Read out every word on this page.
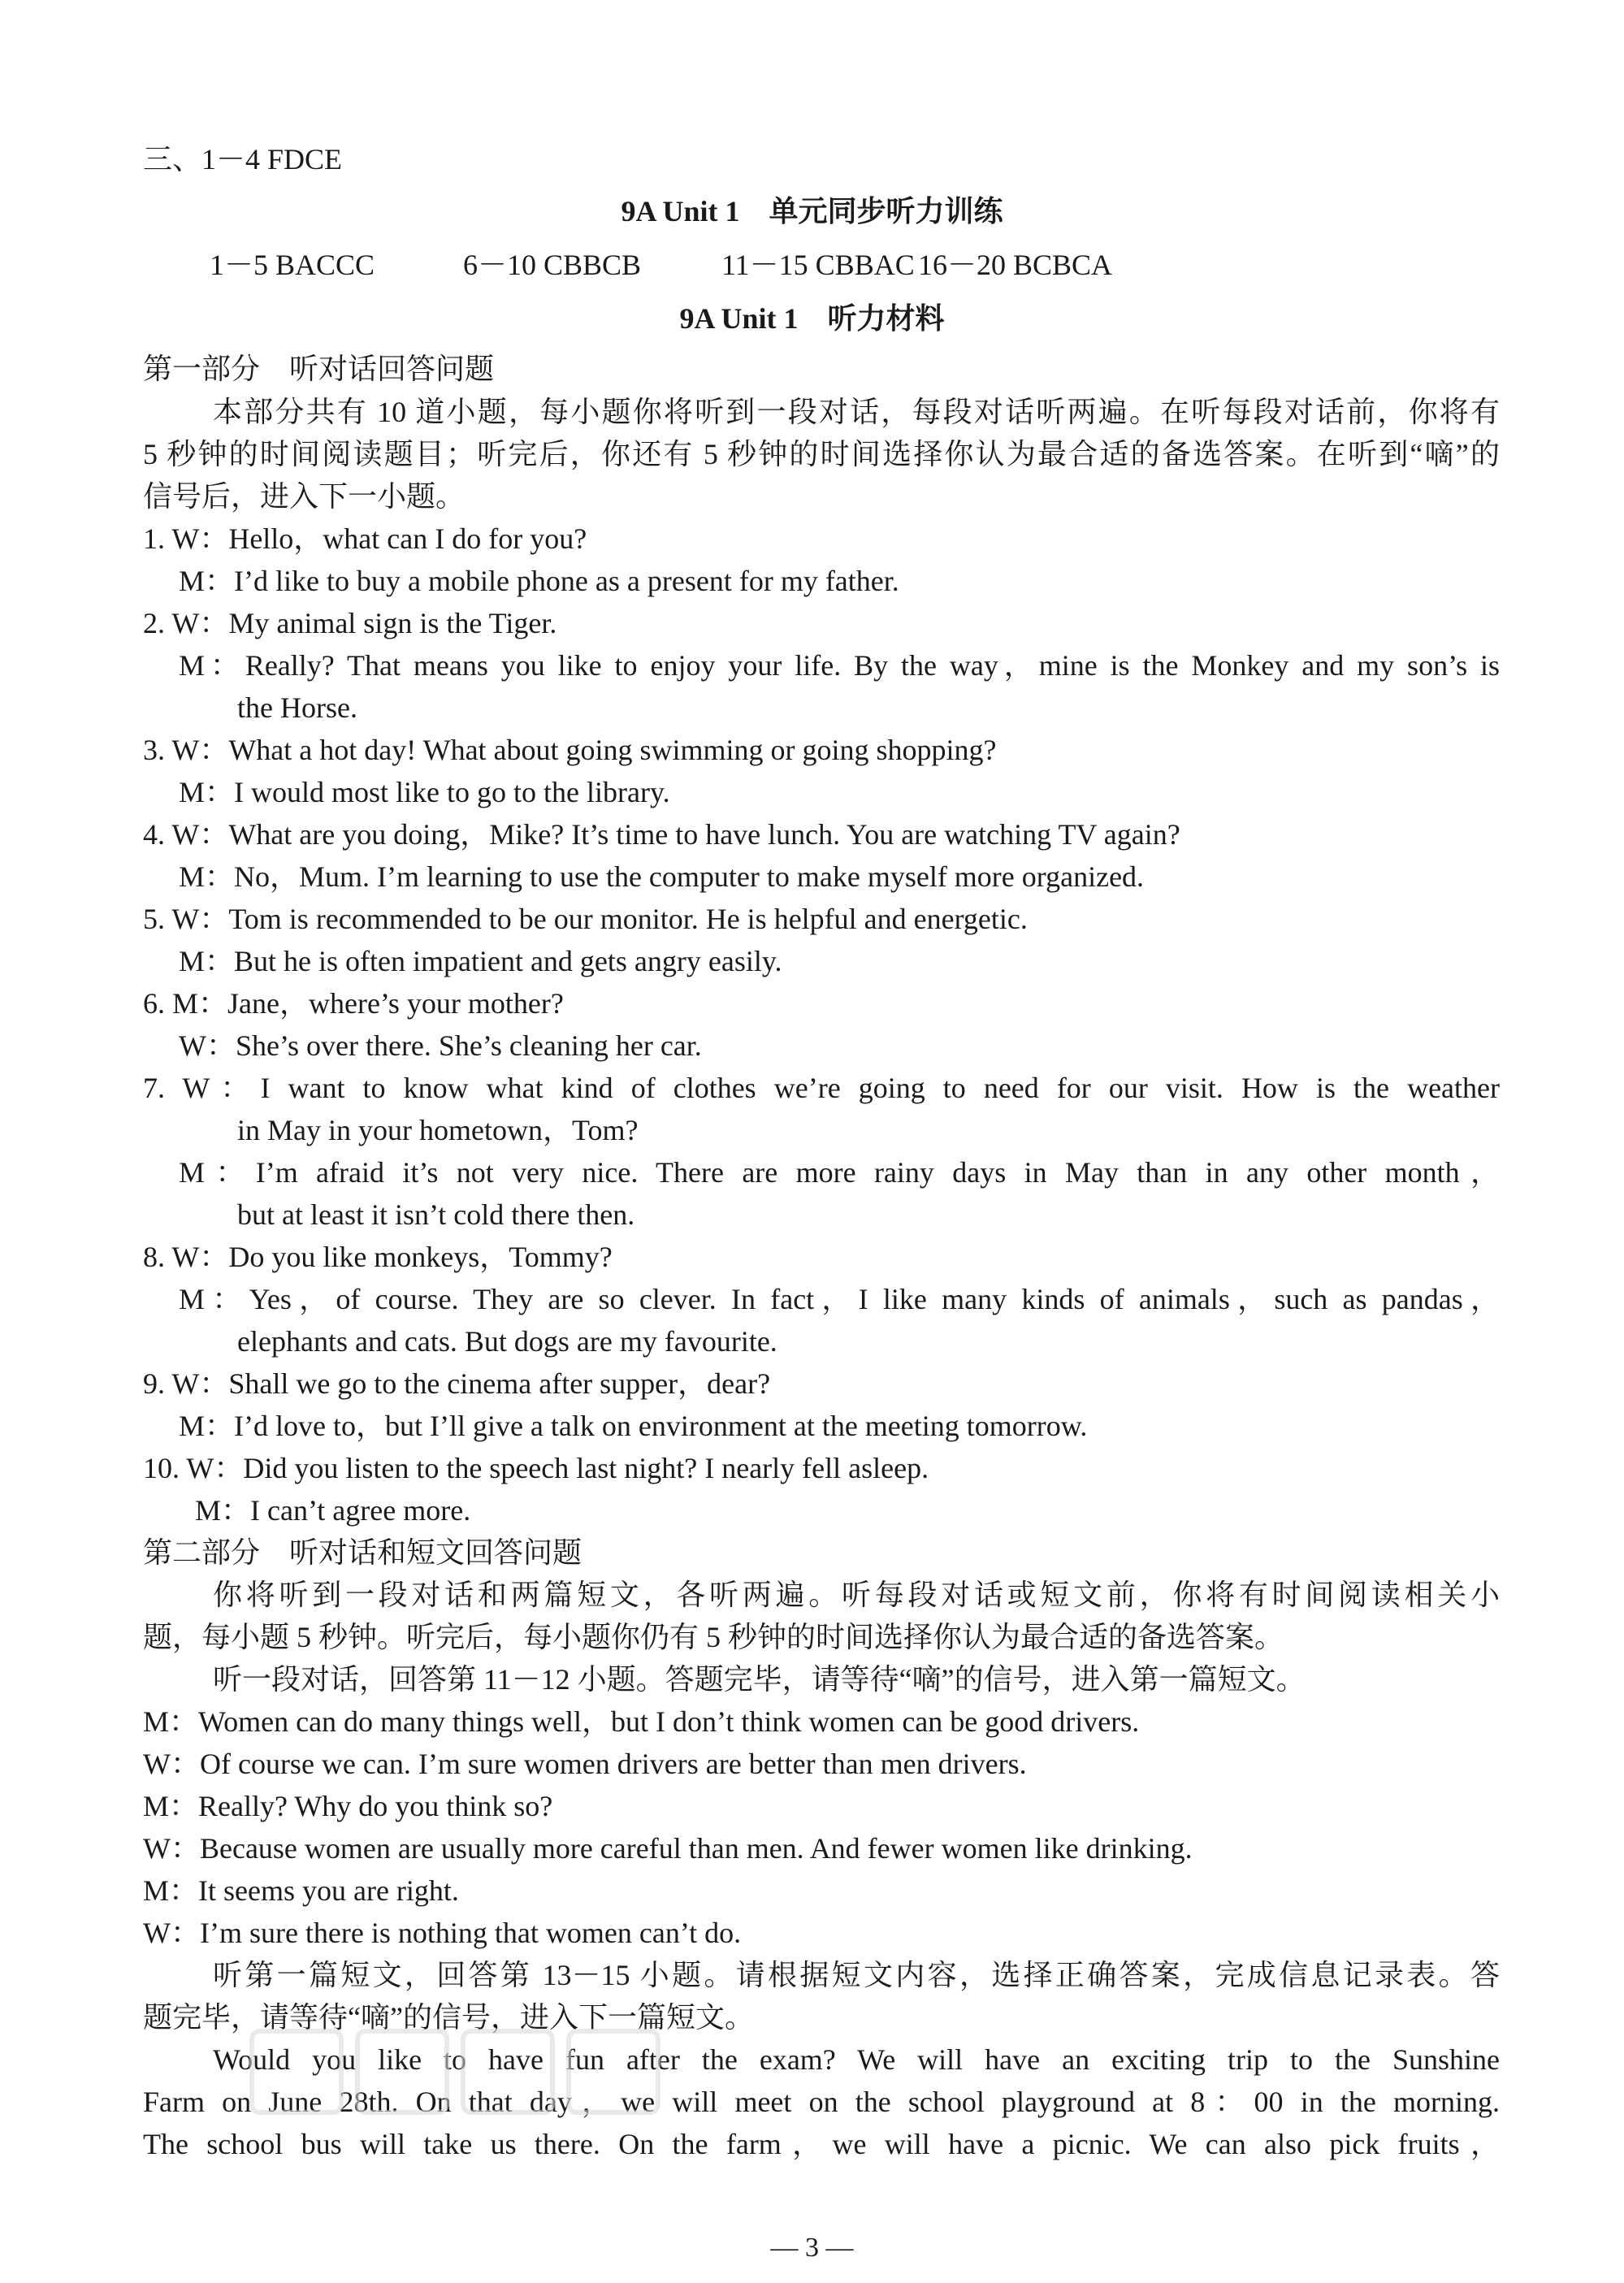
三、1－4 FDCE
9A Unit 1　单元同步听力训练
1－5 BACCC	6－10 CBBCB	11－15 CBBAC 16－20 BCBCA
9A Unit 1　听力材料
第一部分　听对话回答问题
本部分共有 10 道小题，每小题你将听到一段对话，每段对话听两遍。在听每段对话前，你将有
5 秒钟的时间阅读题目；听完后，你还有 5 秒钟的时间选择你认为最合适的备选答案。在听到“嘀”的
信号后，进入下一小题。
1. W：Hello，what can I do for you?
M：I’d like to buy a mobile phone as a present for my father.
2. W：My animal sign is the Tiger.
M：Really? That means you like to enjoy your life. By the way，mine is the Monkey and my son’s is
the Horse.
3. W：What a hot day! What about going swimming or going shopping?
M：I would most like to go to the library.
4. W：What are you doing，Mike? It’s time to have lunch. You are watching TV again?
M：No，Mum. I’m learning to use the computer to make myself more organized.
5. W：Tom is recommended to be our monitor. He is helpful and energetic.
M：But he is often impatient and gets angry easily.
6. M：Jane，where’s your mother?
W：She’s over there. She’s cleaning her car.
7. W：I want to know what kind of clothes we’re going to need for our visit. How is the weather
in May in your hometown，Tom?
M：I’m afraid it’s not very nice. There are more rainy days in May than in any other month，
but at least it isn’t cold there then.
8. W：Do you like monkeys，Tommy?
M：Yes，of course. They are so clever. In fact，I like many kinds of animals，such as pandas，
elephants and cats. But dogs are my favourite.
9. W：Shall we go to the cinema after supper，dear?
M：I’d love to，but I’ll give a talk on environment at the meeting tomorrow.
10. W：Did you listen to the speech last night? I nearly fell asleep.
M：I can’t agree more.
第二部分　听对话和短文回答问题
你将听到一段对话和两篇短文，各听两遍。听每段对话或短文前，你将有时间阅读相关小
题，每小题 5 秒钟。听完后，每小题你仍有 5 秒钟的时间选择你认为最合适的备选答案。
听一段对话，回答第 11－12 小题。答题完毕，请等待“嘀”的信号，进入第一篇短文。
M：Women can do many things well，but I don’t think women can be good drivers.
W：Of course we can. I’m sure women drivers are better than men drivers.
M：Really? Why do you think so?
W：Because women are usually more careful than men. And fewer women like drinking.
M：It seems you are right.
W：I’m sure there is nothing that women can’t do.
听第一篇短文，回答第 13－15 小题。请根据短文内容，选择正确答案，完成信息记录表。答
题完毕，请等待“嘀”的信号，进入下一篇短文。
Would you like to have fun after the exam? We will have an exciting trip to the Sunshine
Farm on June 28th. On that day，we will meet on the school playground at 8：00 in the morning.
The school bus will take us there. On the farm，we will have a picnic. We can also pick fruits，
— 3 —
